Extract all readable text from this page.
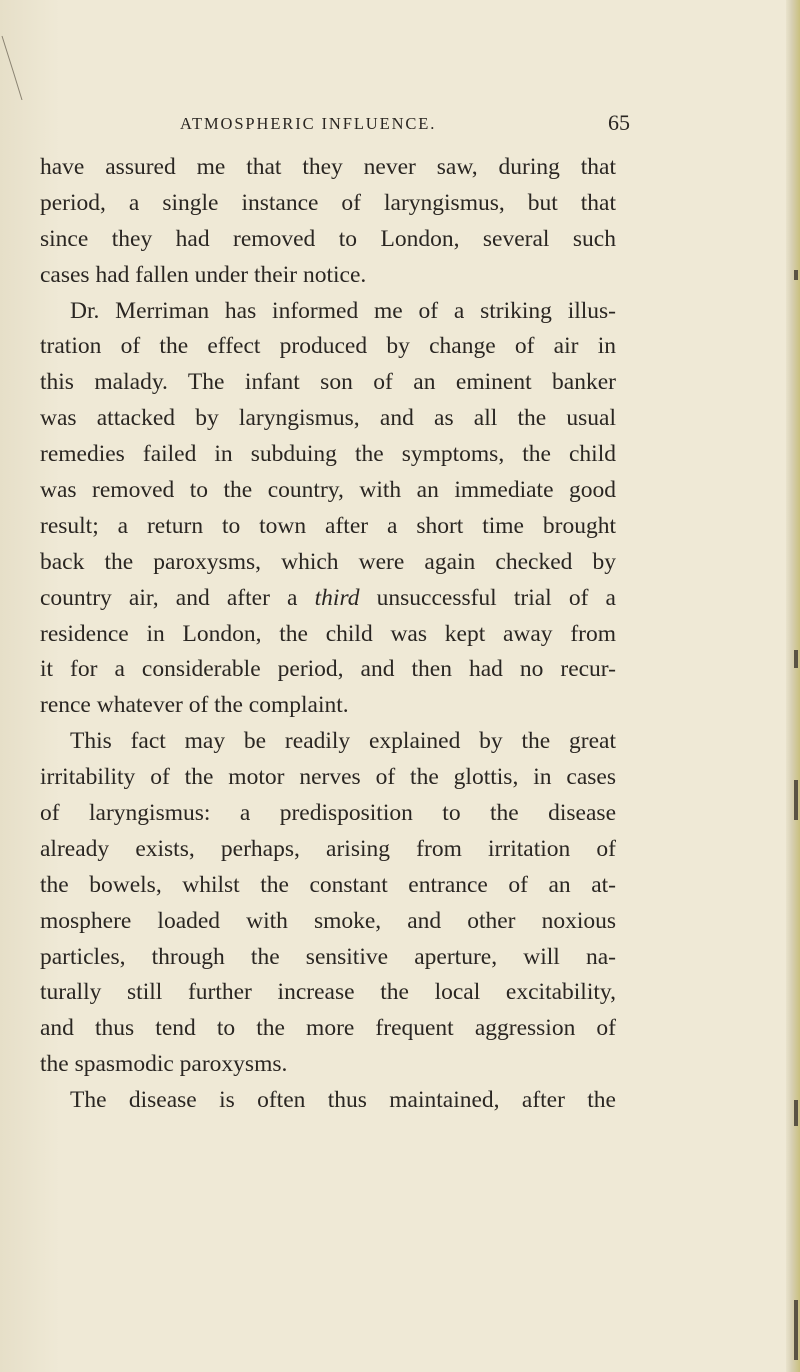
ATMOSPHERIC INFLUENCE.	65
have assured me that they never saw, during that
period, a single instance of laryngismus, but that
since they had removed to London, several such
cases had fallen under their notice.
Dr. Merriman has informed me of a striking illus-
tration of the effect produced by change of air in
this malady. The infant son of an eminent banker
was attacked by laryngismus, and as all the usual
remedies failed in subduing the symptoms, the child
was removed to the country, with an immediate good
result; a return to town after a short time brought
back the paroxysms, which were again checked by
country air, and after a third unsuccessful trial of a
residence in London, the child was kept away from
it for a considerable period, and then had no recur-
rence whatever of the complaint.
This fact may be readily explained by the great
irritability of the motor nerves of the glottis, in cases
of laryngismus: a predisposition to the disease
already exists, perhaps, arising from irritation of
the bowels, whilst the constant entrance of an at-
mosphere loaded with smoke, and other noxious
particles, through the sensitive aperture, will na-
turally still further increase the local excitability,
and thus tend to the more frequent aggression of
the spasmodic paroxysms.
The disease is often thus maintained, after the
